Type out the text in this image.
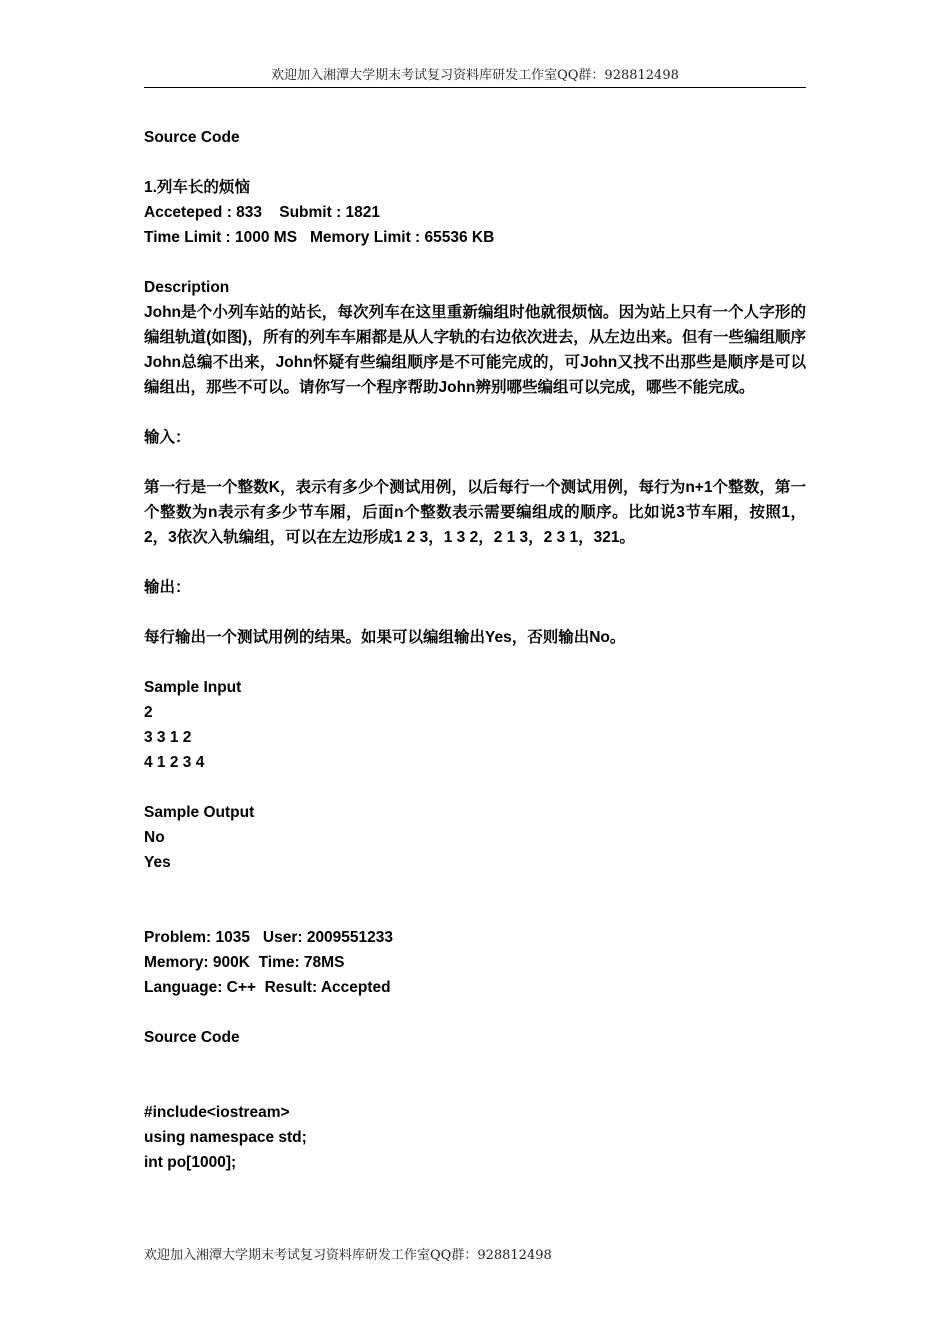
欢迎加入湘潭大学期末考试复习资料库研发工作室QQ群：928812498
Source Code
1.列车长的烦恼
Acceteped : 833    Submit : 1821
Time Limit : 1000 MS   Memory Limit : 65536 KB
Description
John是个小列车站的站长，每次列车在这里重新编组时他就很烦恼。因为站上只有一个人字形的编组轨道(如图)，所有的列车车厢都是从人字轨的右边依次进去，从左边出来。但有一些编组顺序John总编不出来，John怀疑有些编组顺序是不可能完成的，可John又找不出那些是顺序是可以编组出，那些不可以。请你写一个程序帮助John辨别哪些编组可以完成，哪些不能完成。
输入：
第一行是一个整数K，表示有多少个测试用例，以后每行一个测试用例，每行为n+1个整数，第一个整数为n表示有多少节车厢，后面n个整数表示需要编组成的顺序。比如说3节车厢，按照1，2，3依次入轨编组，可以在左边形成1 2 3，1 3 2，2 1 3，2 3 1，321。
输出：
每行输出一个测试用例的结果。如果可以编组输出Yes，否则输出No。
Sample Input
2
3 3 1 2
4 1 2 3 4
Sample Output
No
Yes
Problem: 1035   User: 2009551233
Memory: 900K  Time: 78MS
Language: C++  Result: Accepted
Source Code
#include<iostream>
using namespace std;
int po[1000];
欢迎加入湘潭大学期末考试复习资料库研发工作室QQ群：928812498
